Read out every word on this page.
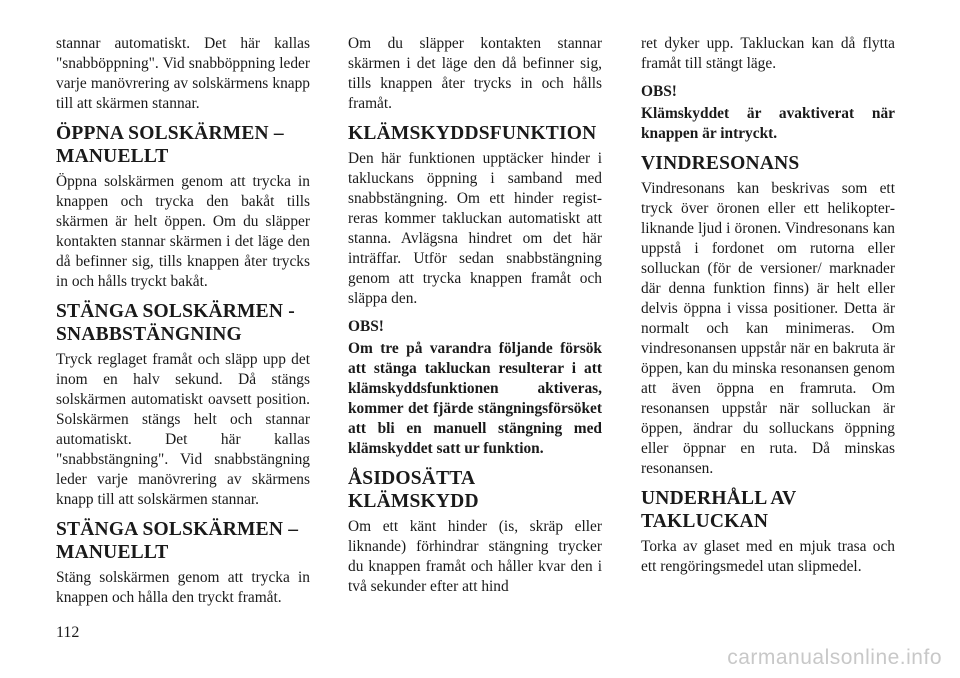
stannar automatiskt. Det här kallas "snabböppning". Vid snabböppning leder varje manövrering av solskärmens knapp till att skärmen stannar.

ÖPPNA SOLSKÄRMEN – MANUELLT

Öppna solskärmen genom att trycka in knappen och trycka den bakåt tills skärmen är helt öppen. Om du släpper kontakten stannar skärmen i det läge den då befinner sig, tills knappen åter trycks in och hålls tryckt bakåt.

STÄNGA SOLSKÄRMEN - SNABBSTÄNGNING

Tryck reglaget framåt och släpp upp det inom en halv sekund. Då stängs solskärmen automatiskt oavsett position. Solskärmen stängs helt och stannar automatiskt. Det här kallas "snabbstängning". Vid snabbstängning leder varje manövrering av skärmens knapp till att solskärmen stannar.

STÄNGA SOLSKÄRMEN – MANUELLT

Stäng solskärmen genom att trycka in knappen och hålla den tryckt framåt.

Om du släpper kontakten stannar skärmen i det läge den då befinner sig, tills knappen åter trycks in och hålls framåt.

KLÄMSKYDDSFUNKTION

Den här funktionen upptäcker hinder i takluckans öppning i samband med snabbstängning. Om ett hinder registreras kommer takluckan automatiskt att stanna. Avlägsna hindret om det här inträffar. Utför sedan snabbstängning genom att trycka knappen framåt och släppa den.

OBS!

Om tre på varandra följande försök att stänga takluckan resulterar i att klämskyddsfunktionen aktiveras, kommer det fjärde stängningsförsöket att bli en manuell stängning med klämskyddet satt ur funktion.

ÅSIDOSÄTTA KLÄMSKYDD

Om ett känt hinder (is, skräp eller liknande) förhindrar stängning trycker du knappen framåt och håller kvar den i två sekunder efter att hind

ret dyker upp. Takluckan kan då flytta framåt till stängt läge.

OBS!

Klämskyddet är avaktiverat när knappen är intryckt.

VINDRESONANS

Vindresonans kan beskrivas som ett tryck över öronen eller ett helikopterliknande ljud i öronen. Vindresonans kan uppstå i fordonet om rutorna eller solluckan (för de versioner/ marknader där denna funktion finns) är helt eller delvis öppna i vissa positioner. Detta är normalt och kan minimeras. Om vindresonansen uppstår när en bakruta är öppen, kan du minska resonansen genom att även öppna en framruta. Om resonansen uppstår när solluckan är öppen, ändrar du solluckans öppning eller öppnar en ruta. Då minskas resonansen.

UNDERHÅLL AV TAKLUCKAN

Torka av glaset med en mjuk trasa och ett rengöringsmedel utan slipmedel.

112
carmanualsonline.info
